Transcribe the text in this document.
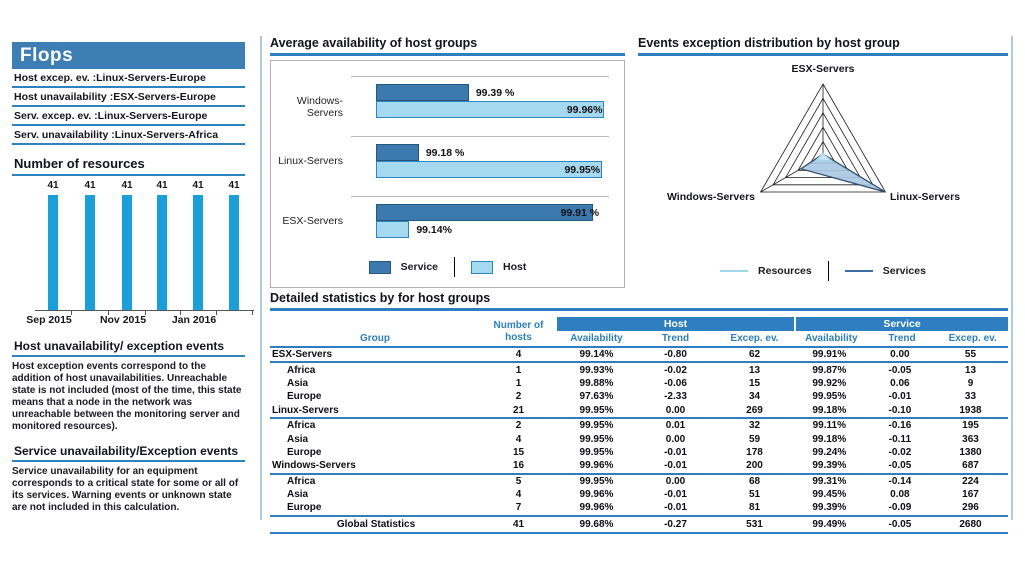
Flops
Host excep. ev. :Linux-Servers-Europe
Host unavailability :ESX-Servers-Europe
Serv. excep. ev. :Linux-Servers-Europe
Serv. unavailability :Linux-Servers-Africa
Number of resources
41	41	41 41 41 41
Sep 2015	Nov 2015 Jan 2016
Host unavailability/ exception events
Host exception events correspond to the addition of host unavailabilities. Unreachable state is not included (most of the time, this state means that a node in the network was unreachable between the monitoring server and monitored resources).
Service unavailability/Exception events
Service unavailability for an equipment corresponds to a critical state for some or all of its services. Warning events or unknown state are not included in this calculation.
Average availability of host groups
Windows-Servers
99.39 %
99.96%
Linux-Servers
99.18 %
99.95%
ESX-Servers
99.91 %
99.14%
Service	Host
Events exception distribution by host group
ESX-Servers
Linux-Servers
Windows-Servers
Resources	Services
Detailed statistics by for host groups
Group
Number of hosts
Host
Availability	Trend	Excep. ev.
Service
Availability	Trend	Excep. ev.
ESX-Servers	4	99.14%	-0.80	62	99.91%	0.00	55
Africa	1	99.93%	-0.02	13	99.87%	-0.05	13
Asia	1	99.88%	-0.06	15	99.92%	0.06	9
Europe	2	97.63%	-2.33	34	99.95%	-0.01	33
Linux-Servers	21	99.95%	0.00	269	99.18%	-0.10	1938
Africa	2	99.95%	0.01	32	99.11%	-0.16	195
Asia	4	99.95%	0.00	59	99.18%	-0.11	363
Europe	15	99.95%	-0.01	178	99.24%	-0.02	1380
Windows-Servers	16	99.96%	-0.01	200	99.39%	-0.05	687
Africa	5	99.95%	0.00	68	99.31%	-0.14	224
Asia	4	99.96%	-0.01	51	99.45%	0.08	167
Europe	7	99.96%	-0.01	81	99.39%	-0.09	296
Global Statistics	41	99.68%	-0.27	531	99.49%	-0.05	2680
